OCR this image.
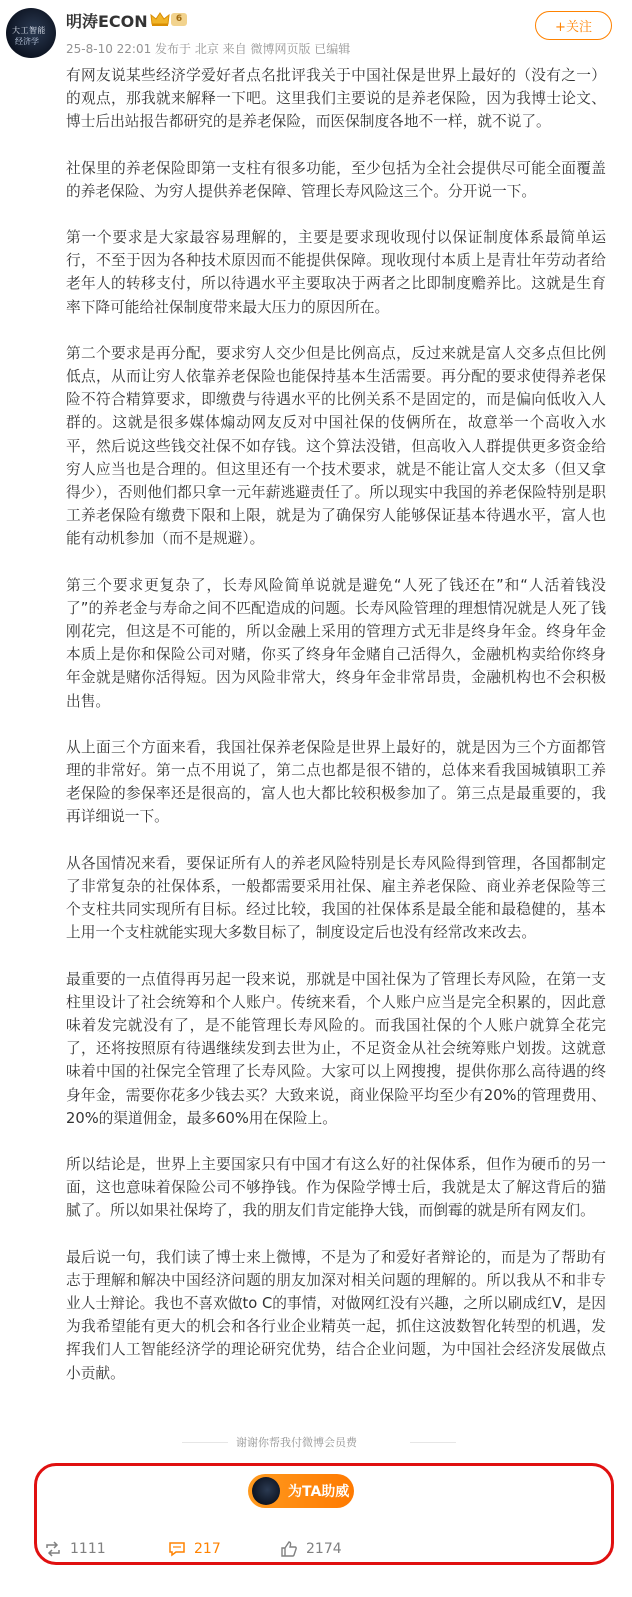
大工智能
经济学
明涛ECON	6
25-8-10 22:01 发布于 北京 来自 微博网页版 已编辑
+关注

有网友说某些经济学爱好者点名批评我关于中国社保是世界上最好的（没有之一）的观点，那我就来解释一下吧。这里我们主要说的是养老保险，因为我博士论文、博士后出站报告都研究的是养老保险，而医保制度各地不一样，就不说了。

社保里的养老保险即第一支柱有很多功能，至少包括为全社会提供尽可能全面覆盖的养老保险、为穷人提供养老保障、管理长寿风险这三个。分开说一下。

第一个要求是大家最容易理解的，主要是要求现收现付以保证制度体系最简单运行，不至于因为各种技术原因而不能提供保障。现收现付本质上是青壮年劳动者给老年人的转移支付，所以待遇水平主要取决于两者之比即制度赡养比。这就是生育率下降可能给社保制度带来最大压力的原因所在。

第二个要求是再分配，要求穷人交少但是比例高点，反过来就是富人交多点但比例低点，从而让穷人依靠养老保险也能保持基本生活需要。再分配的要求使得养老保险不符合精算要求，即缴费与待遇水平的比例关系不是固定的，而是偏向低收入人群的。这就是很多媒体煽动网友反对中国社保的伎俩所在，故意举一个高收入水平，然后说这些钱交社保不如存钱。这个算法没错，但高收入人群提供更多资金给穷人应当也是合理的。但这里还有一个技术要求，就是不能让富人交太多（但又拿得少），否则他们都只拿一元年薪逃避责任了。所以现实中我国的养老保险特别是职工养老保险有缴费下限和上限，就是为了确保穷人能够保证基本待遇水平，富人也能有动机参加（而不是规避）。

第三个要求更复杂了，长寿风险简单说就是避免“人死了钱还在”和“人活着钱没了”的养老金与寿命之间不匹配造成的问题。长寿风险管理的理想情况就是人死了钱刚花完，但这是不可能的，所以金融上采用的管理方式无非是终身年金。终身年金本质上是你和保险公司对赌，你买了终身年金赌自己活得久，金融机构卖给你终身年金就是赌你活得短。因为风险非常大，终身年金非常昂贵，金融机构也不会积极出售。

从上面三个方面来看，我国社保养老保险是世界上最好的，就是因为三个方面都管理的非常好。第一点不用说了，第二点也都是很不错的，总体来看我国城镇职工养老保险的参保率还是很高的，富人也大都比较积极参加了。第三点是最重要的，我再详细说一下。

从各国情况来看，要保证所有人的养老风险特别是长寿风险得到管理，各国都制定了非常复杂的社保体系，一般都需要采用社保、雇主养老保险、商业养老保险等三个支柱共同实现所有目标。经过比较，我国的社保体系是最全能和最稳健的，基本上用一个支柱就能实现大多数目标了，制度设定后也没有经常改来改去。

最重要的一点值得再另起一段来说，那就是中国社保为了管理长寿风险，在第一支柱里设计了社会统筹和个人账户。传统来看，个人账户应当是完全积累的，因此意味着发完就没有了，是不能管理长寿风险的。而我国社保的个人账户就算全花完了，还将按照原有待遇继续发到去世为止，不足资金从社会统筹账户划拨。这就意味着中国的社保完全管理了长寿风险。大家可以上网搜搜，提供你那么高待遇的终身年金，需要你花多少钱去买？大致来说，商业保险平均至少有20%的管理费用、20%的渠道佣金，最多60%用在保险上。

所以结论是，世界上主要国家只有中国才有这么好的社保体系，但作为硬币的另一面，这也意味着保险公司不够挣钱。作为保险学博士后，我就是太了解这背后的猫腻了。所以如果社保垮了，我的朋友们肯定能挣大钱，而倒霉的就是所有网友们。

最后说一句，我们读了博士来上微博，不是为了和爱好者辩论的，而是为了帮助有志于理解和解决中国经济问题的朋友加深对相关问题的理解的。所以我从不和非专业人士辩论。我也不喜欢做to C的事情，对做网红没有兴趣，之所以刷成红V，是因为我希望能有更大的机会和各行业企业精英一起，抓住这波数智化转型的机遇，发挥我们人工智能经济学的理论研究优势，结合企业问题，为中国社会经济发展做点小贡献。

谢谢你帮我付微博会员费
为TA助威
1111	217	2174
